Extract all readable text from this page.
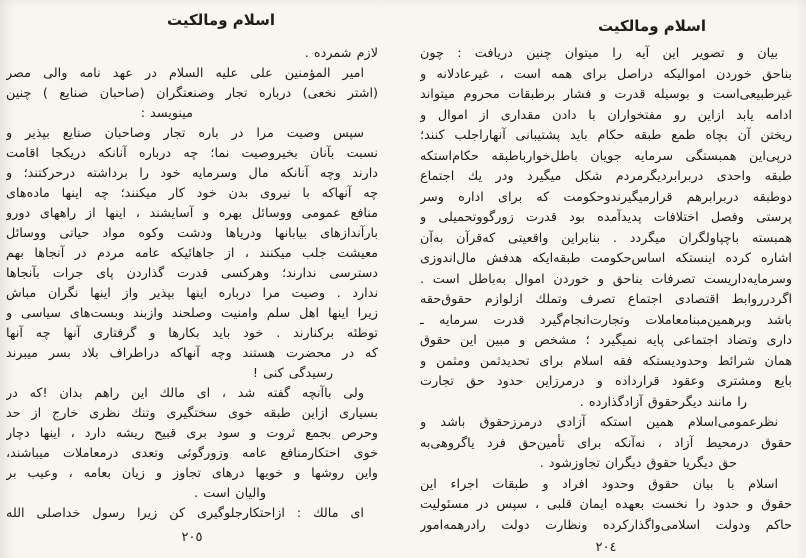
اسلام ومالکیت
لازم شمرده .
امیر المؤمنین علی علیه السلام در عهد نامه والی مصر
(اشتر نخعی) درباره تجار وصنعتگران (صاحبان صنایع ) چنین
مینویسد :
سپس وصیت مرا در باره تجار وصاحبان صنایع بپذیر و
نسبت بآنان بخیروصیت نما؛ چه درباره آنانکه دریکجا اقامت
دارند وچه آنانکه مال وسرمایه خود را برداشته درحرکتند؛ و
چه آنهاکه با نیروی بدن خود کار میکنند؛ چه اینها ماده‌های
منافع عمومی ووسائل بهره و آسایشند ، اینها از راههای دورو
بارآندازهای بیابانها ودریاها ودشت وکوه مواد حیاتی ووسائل
معیشت جلب میکنند ، از جاهائیکه عامه مردم در آنجاها بهم
دسترسی ندارند؛ وهرکسی قدرت گذاردن پای جرات بآنجاها
ندارد . وصیت مرا درباره اینها بپذیر واز اینها نگران مباش
زیرا اینها اهل سلم وامنیت وصلحند وازبند وبست‌های سیاسی و
توطئه برکنارند . خود باید بکارها و گرفتاری آنها چه آنها
که در محضرت هستند وچه آنهاکه دراطراف بلاد بسر میبرند
رسیدگی کنی !
ولی باآنچه گفته شد ، ای مالك این راهم بدان !که در
بسیاری ازاین طبقه خوی سختگیری وتنك نظری خارج از حد
وحرص بجمع ثروت و سود بری قبیح ریشه دارد ، اینها دچار
خوی احتکارمنافع عامه وزورگوئی وتعدی درمعاملات میباشند،
واین روشها و خویها درهای تجاوز و زیان بعامه ، وعیب بر
والیان است .
ای مالك : ازاحتکارجلوگیری کن زیرا رسول خداصلی الله
٢٠٥
اسلام ومالکیت
بیان و تصویر این آیه را میتوان چنین دریافت : چون
بناحق خوردن اموالیکه دراصل برای همه است ، غیرعادلانه و
غیرطبیعی‌است و بوسیله قدرت و فشار برطبقات محروم میتواند
ادامه یابد ازاین رو مفتخواران با دادن مقداری از اموال و
ریختن آن بچاه طمع طبقه حکام باید پشتیبانی آنهاراجلب کنند؛
درپی‌این همبستگی سرمایه جویان باطل‌خوارباطبقه حکام‌استکه
طبقه واحدی دربرابردیگرمردم شکل میگیرد ودر یك اجتماع
دوطبقه دربرابرهم قرارمیگیرندوحکومت که برای اداره وسر
پرستی وفصل اختلافات پدیدآمده بود قدرت زورگووتحمیلی و
همبسته باچپاولگران میگردد . بنابراین واقعیتی که‌قرآن به‌آن
اشاره کرده اینستکه اساس‌حکومت طبقه‌ایکه هدفش مال‌اندوزی
وسرمایه‌داریست تصرفات بناحق و خوردن اموال به‌باطل است .
اگردرروابط اقتصادی اجتماع تصرف وتملك ازلوازم حقوق‌حقه
باشد وبرهمین‌مبنامعاملات وتجارت‌انجام‌گیرد قدرت سرمایه ـ
داری وتضاد اجتماعی پایه نمیگیرد ؛ مشخص و مبین این حقوق
همان شرائط وحدودیستکه فقه اسلام برای تحدیدثمن ومثمن و
بایع ومشتری وعقود قرارداده و درمرزاین حدود حق تجارت
را مانند دیگرحقوق آزادگذارده .
نظرعمومی‌اسلام همین استکه آزادی درمرزحقوق باشد و
حقوق درمحیط آزاد ، نه‌آنکه برای تأمین‌حق فرد یاگروهی‌به
حق دیگریا حقوق دیگران تجاوزشود .
اسلام با بیان حقوق وحدود افراد و طبقات اجراء این
حقوق و حدود را نخست بعهده ایمان قلبی ، سپس در مسئولیت
حاکم ودولت اسلامی‌واگذارکرده ونظارت دولت رادرهمه‌امور
٢٠٤
